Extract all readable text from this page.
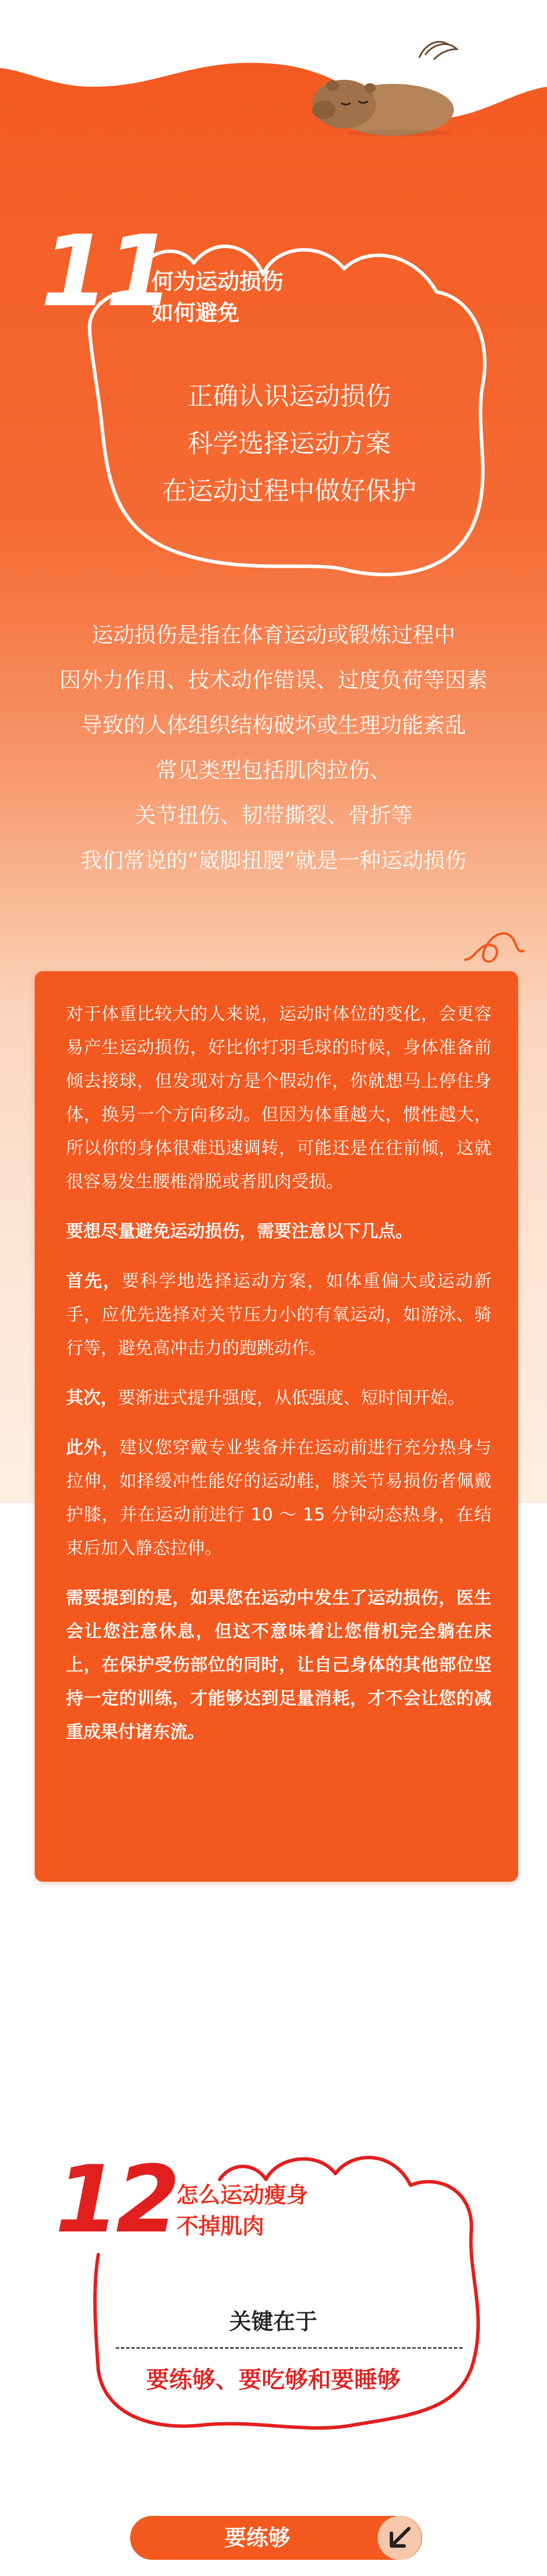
11
何为运动损伤
如何避免
正确认识运动损伤
科学选择运动方案
在运动过程中做好保护
运动损伤是指在体育运动或锻炼过程中
因外力作用、技术动作错误、过度负荷等因素
导致的人体组织结构破坏或生理功能紊乱
常见类型包括肌肉拉伤、
关节扭伤、韧带撕裂、骨折等
我们常说的“崴脚扭腰”就是一种运动损伤

对于体重比较大的人来说，运动时体位的变化，会更容易产生运动损伤，好比你打羽毛球的时候，身体准备前倾去接球，但发现对方是个假动作，你就想马上停住身体，换另一个方向移动。但因为体重越大，惯性越大，所以你的身体很难迅速调转，可能还是在往前倾，这就很容易发生腰椎滑脱或者肌肉受损。

要想尽量避免运动损伤，需要注意以下几点。

首先，要科学地选择运动方案，如体重偏大或运动新手，应优先选择对关节压力小的有氧运动，如游泳、骑行等，避免高冲击力的跑跳动作。

其次，要渐进式提升强度，从低强度、短时间开始。

此外，建议您穿戴专业装备并在运动前进行充分热身与拉伸，如择缓冲性能好的运动鞋，膝关节易损伤者佩戴护膝，并在运动前进行 10 ～ 15 分钟动态热身，在结束后加入静态拉伸。

需要提到的是，如果您在运动中发生了运动损伤，医生会让您注意休息，但这不意味着让您借机完全躺在床上，在保护受伤部位的同时，让自己身体的其他部位坚持一定的训练，才能够达到足量消耗，才不会让您的减重成果付诸东流。

12 怎么运动瘦身
不掉肌肉
关键在于
要练够、要吃够和要睡够
要练够
